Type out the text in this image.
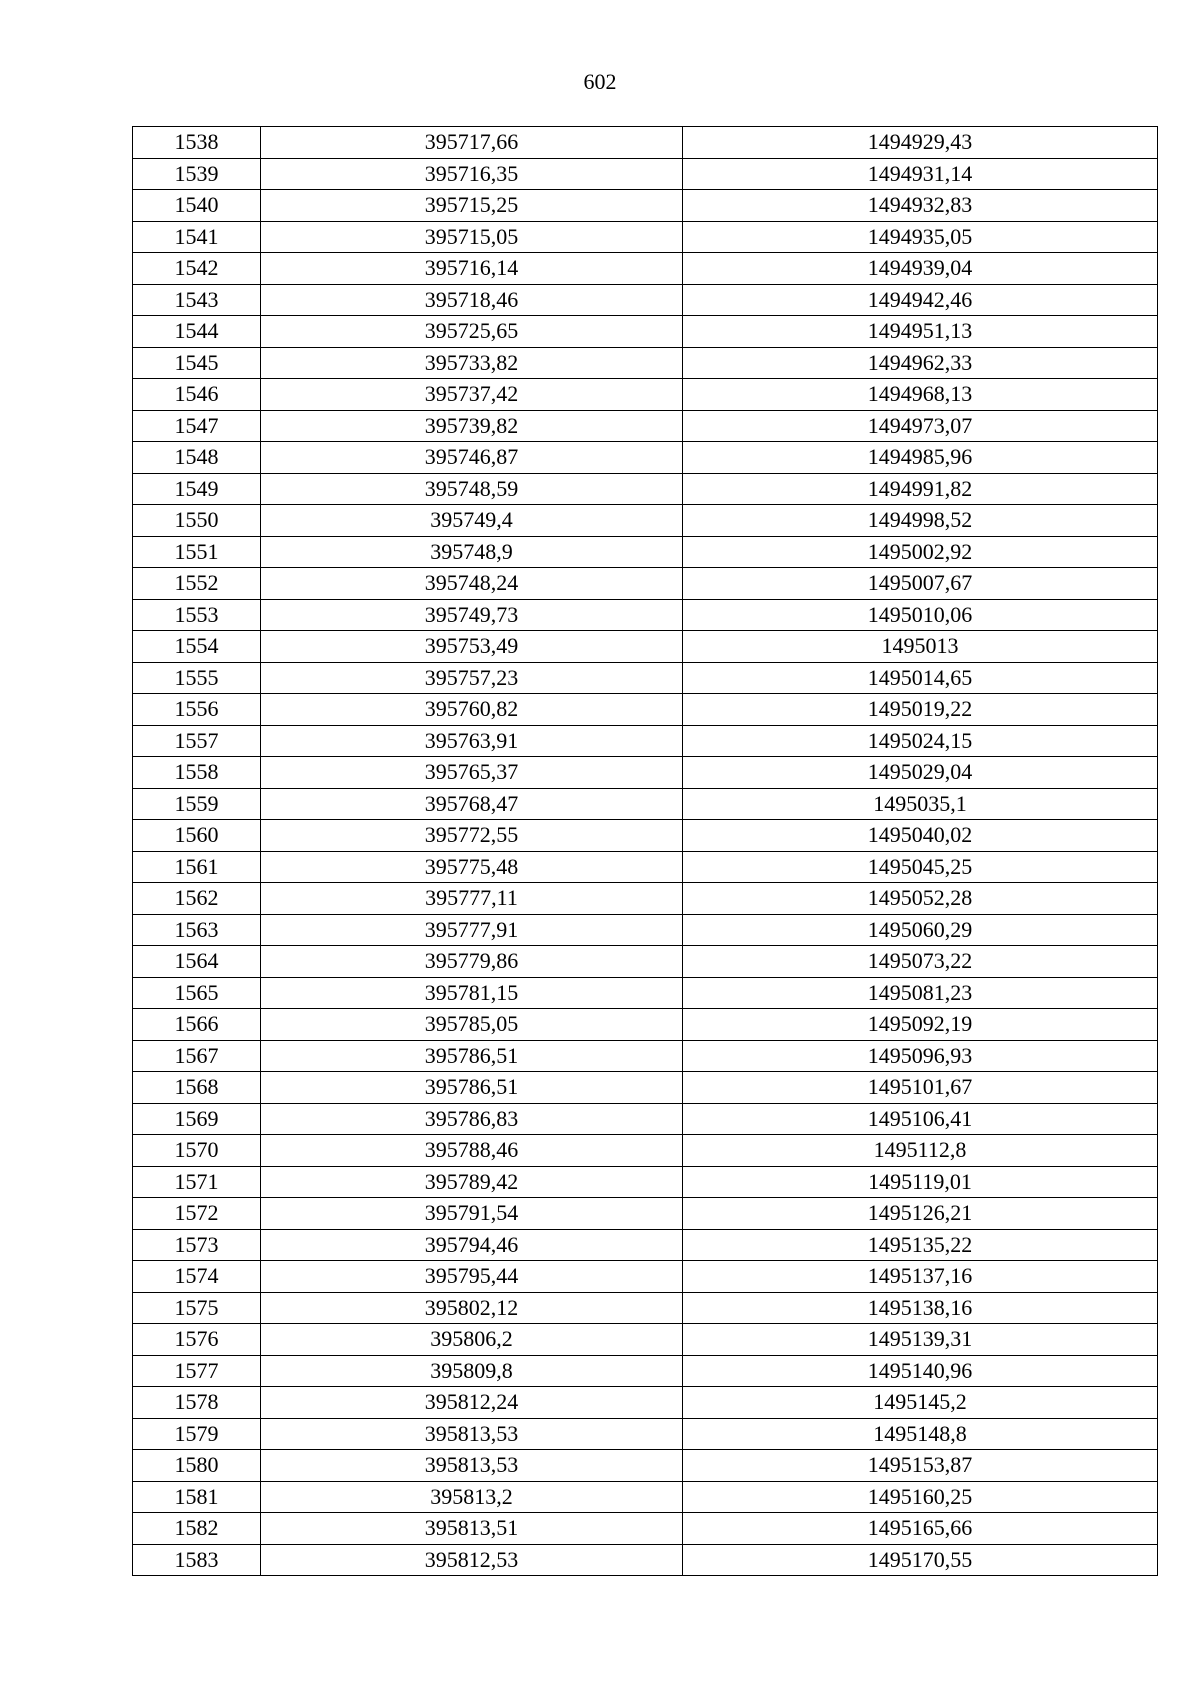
602
1538	395717,66	1494929,43
1539	395716,35	1494931,14
1540	395715,25	1494932,83
1541	395715,05	1494935,05
1542	395716,14	1494939,04
1543	395718,46	1494942,46
1544	395725,65	1494951,13
1545	395733,82	1494962,33
1546	395737,42	1494968,13
1547	395739,82	1494973,07
1548	395746,87	1494985,96
1549	395748,59	1494991,82
1550	395749,4	1494998,52
1551	395748,9	1495002,92
1552	395748,24	1495007,67
1553	395749,73	1495010,06
1554	395753,49	1495013
1555	395757,23	1495014,65
1556	395760,82	1495019,22
1557	395763,91	1495024,15
1558	395765,37	1495029,04
1559	395768,47	1495035,1
1560	395772,55	1495040,02
1561	395775,48	1495045,25
1562	395777,11	1495052,28
1563	395777,91	1495060,29
1564	395779,86	1495073,22
1565	395781,15	1495081,23
1566	395785,05	1495092,19
1567	395786,51	1495096,93
1568	395786,51	1495101,67
1569	395786,83	1495106,41
1570	395788,46	1495112,8
1571	395789,42	1495119,01
1572	395791,54	1495126,21
1573	395794,46	1495135,22
1574	395795,44	1495137,16
1575	395802,12	1495138,16
1576	395806,2	1495139,31
1577	395809,8	1495140,96
1578	395812,24	1495145,2
1579	395813,53	1495148,8
1580	395813,53	1495153,87
1581	395813,2	1495160,25
1582	395813,51	1495165,66
1583	395812,53	1495170,55
